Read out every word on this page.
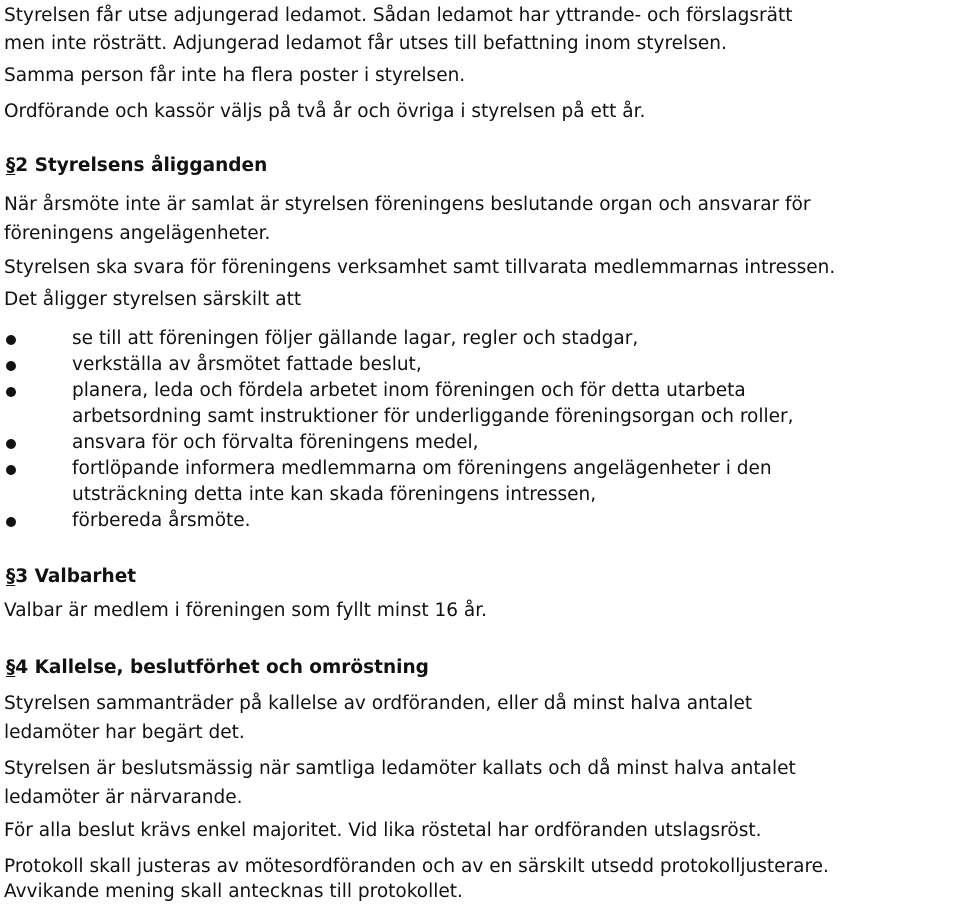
Styrelsen får utse adjungerad ledamot. Sådan ledamot har yttrande- och förslagsrätt
men inte rösträtt. Adjungerad ledamot får utses till befattning inom styrelsen.
Samma person får inte ha flera poster i styrelsen.
Ordförande och kassör väljs på två år och övriga i styrelsen på ett år.
§2 Styrelsens åligganden
När årsmöte inte är samlat är styrelsen föreningens beslutande organ och ansvarar för
föreningens angelägenheter.
Styrelsen ska svara för föreningens verksamhet samt tillvarata medlemmarnas intressen.
Det åligger styrelsen särskilt att
se till att föreningen följer gällande lagar, regler och stadgar,
verkställa av årsmötet fattade beslut,
planera, leda och fördela arbetet inom föreningen och för detta utarbeta
arbetsordning samt instruktioner för underliggande föreningsorgan och roller,
ansvara för och förvalta föreningens medel,
fortlöpande informera medlemmarna om föreningens angelägenheter i den
utsträckning detta inte kan skada föreningens intressen,
förbereda årsmöte.
§3 Valbarhet
Valbar är medlem i föreningen som fyllt minst 16 år.
§4 Kallelse, beslutförhet och omröstning
Styrelsen sammanträder på kallelse av ordföranden, eller då minst halva antalet
ledamöter har begärt det.
Styrelsen är beslutsmässig när samtliga ledamöter kallats och då minst halva antalet
ledamöter är närvarande.
För alla beslut krävs enkel majoritet. Vid lika röstetal har ordföranden utslagsröst.
Protokoll skall justeras av mötesordföranden och av en särskilt utsedd protokolljusterare.
Avvikande mening skall antecknas till protokollet.
